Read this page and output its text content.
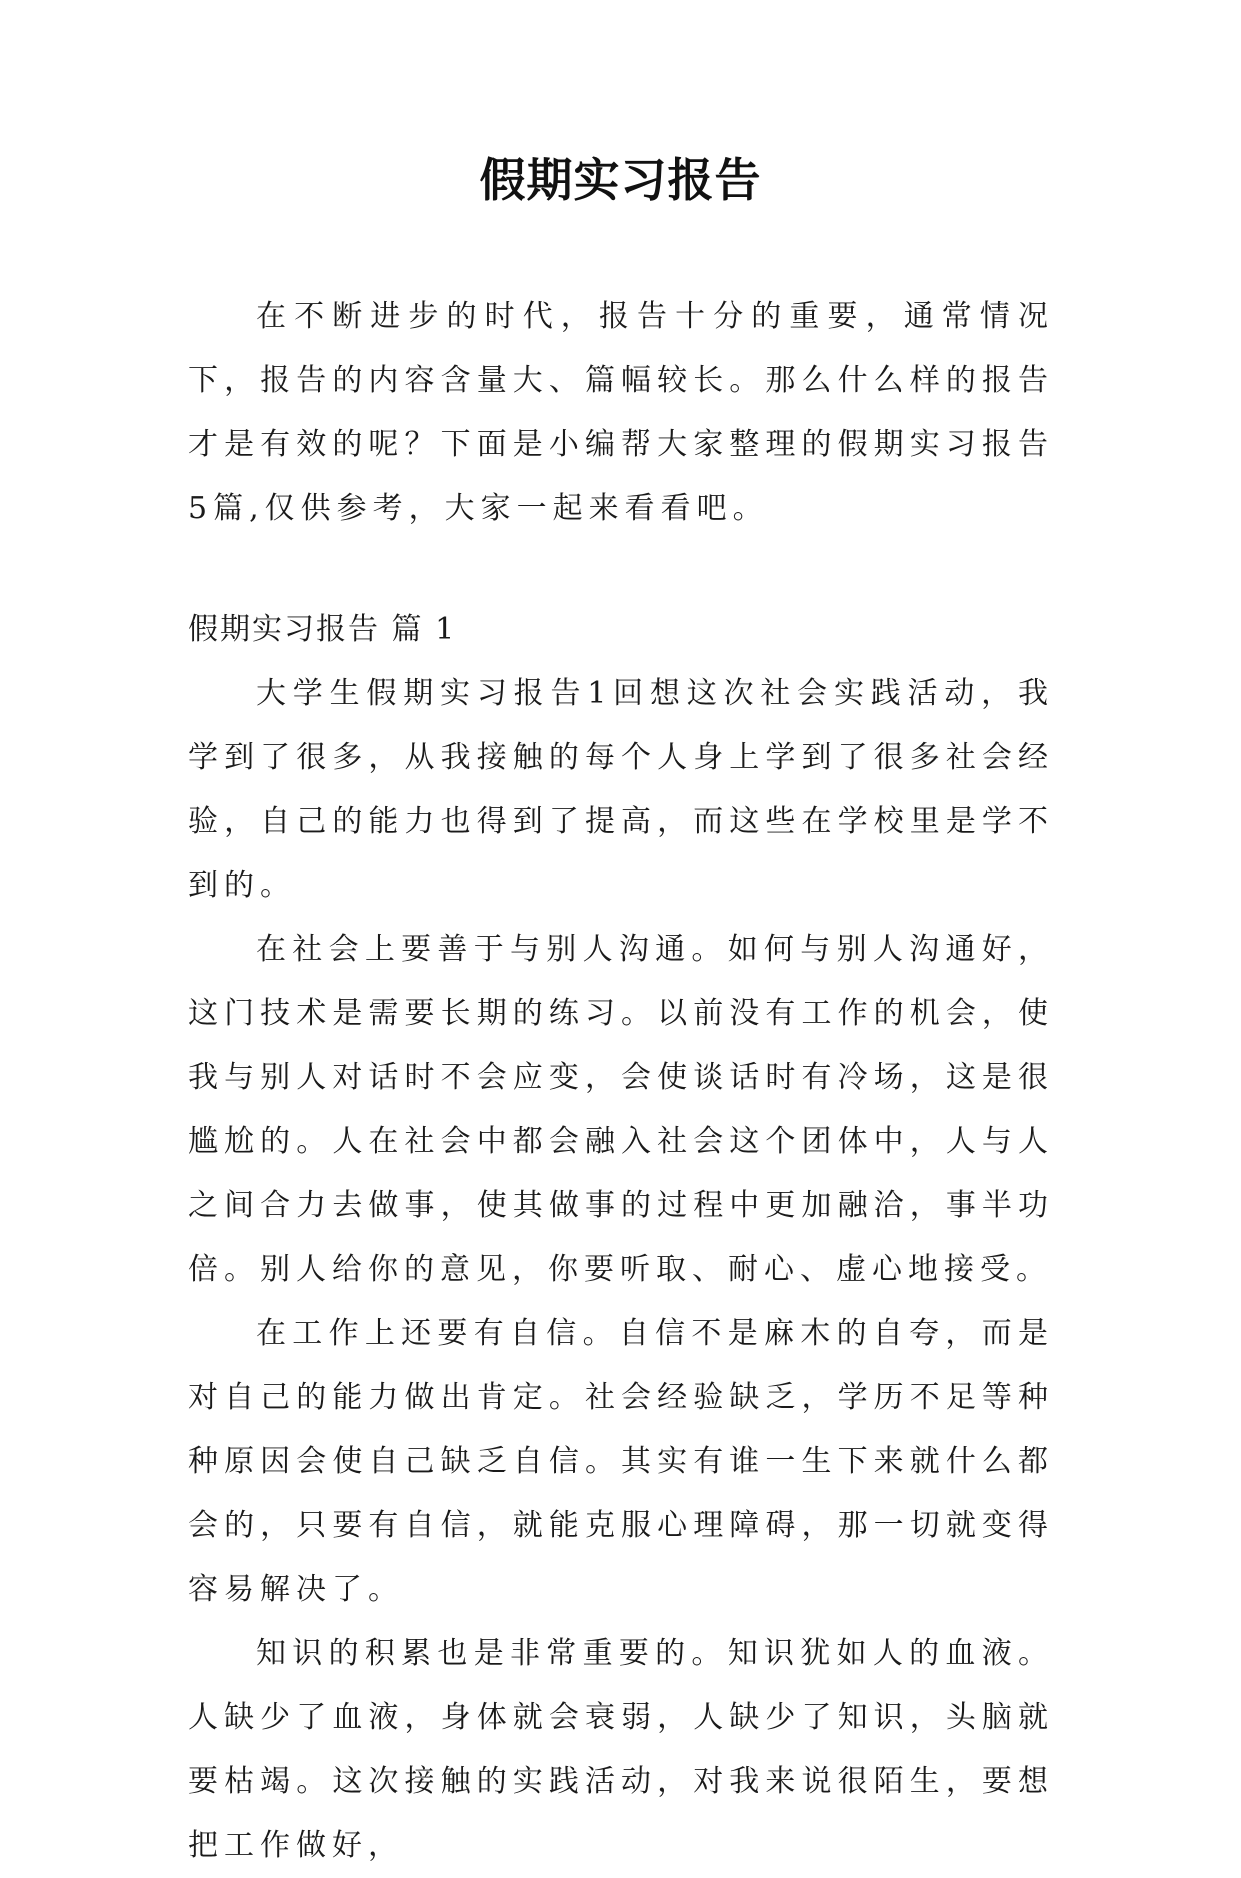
假期实习报告

在不断进步的时代，报告十分的重要，通常情况下，报告的内容含量大、篇幅较长。那么什么样的报告才是有效的呢？下面是小编帮大家整理的假期实习报告5篇,仅供参考，大家一起来看看吧。

假期实习报告 篇 1

大学生假期实习报告1回想这次社会实践活动，我学到了很多，从我接触的每个人身上学到了很多社会经验，自己的能力也得到了提高，而这些在学校里是学不到的。

在社会上要善于与别人沟通。如何与别人沟通好，这门技术是需要长期的练习。以前没有工作的机会，使我与别人对话时不会应变，会使谈话时有冷场，这是很尴尬的。人在社会中都会融入社会这个团体中，人与人之间合力去做事，使其做事的过程中更加融洽，事半功倍。别人给你的意见，你要听取、耐心、虚心地接受。

在工作上还要有自信。自信不是麻木的自夸，而是对自己的能力做出肯定。社会经验缺乏，学历不足等种种原因会使自己缺乏自信。其实有谁一生下来就什么都会的，只要有自信，就能克服心理障碍，那一切就变得容易解决了。

知识的积累也是非常重要的。知识犹如人的血液。人缺少了血液，身体就会衰弱，人缺少了知识，头脑就要枯竭。这次接触的实践活动，对我来说很陌生，要想把工作做好，
